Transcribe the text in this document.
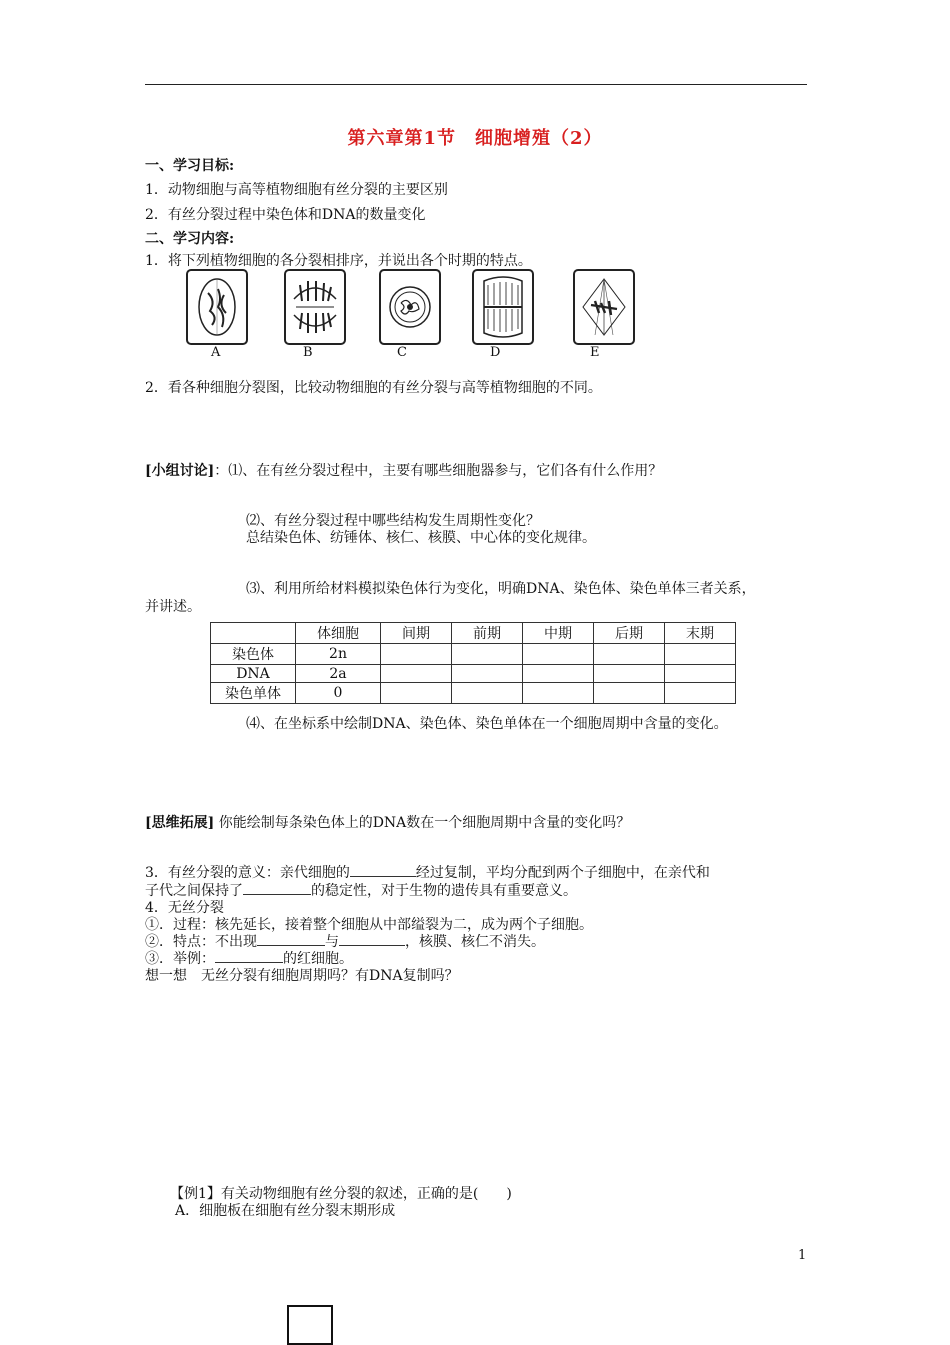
第六章第1节　细胞增殖（2）
一、学习目标:
1．动物细胞与高等植物细胞有丝分裂的主要区别
2．有丝分裂过程中染色体和DNA的数量变化
二、学习内容:
1．将下列植物细胞的各分裂相排序，并说出各个时期的特点。
A	B	C	D	E
2．看各种细胞分裂图，比较动物细胞的有丝分裂与高等植物细胞的不同。
[小组讨论]：⑴、在有丝分裂过程中，主要有哪些细胞器参与，它们各有什么作用？
⑵、有丝分裂过程中哪些结构发生周期性变化？
总结染色体、纺锤体、核仁、核膜、中心体的变化规律。
⑶、利用所给材料模拟染色体行为变化，明确DNA、染色体、染色单体三者关系，
并讲述。
	体细胞	间期	前期	中期	后期	末期
染色体	2n					
DNA	2a					
染色单体	0					
⑷、在坐标系中绘制DNA、染色体、染色单体在一个细胞周期中含量的变化。
[思维拓展] 你能绘制每条染色体上的DNA数在一个细胞周期中含量的变化吗？
3．有丝分裂的意义：亲代细胞的	经过复制，平均分配到两个子细胞中，在亲代和
子代之间保持了	的稳定性，对于生物的遗传具有重要意义。
4．无丝分裂
①．过程：核先延长，接着整个细胞从中部缢裂为二，成为两个子细胞。
②．特点：不出现	与	，核膜、核仁不消失。
③．举例：	的红细胞。
想一想　无丝分裂有细胞周期吗？有DNA复制吗？
【例1】有关动物细胞有丝分裂的叙述，正确的是(　　)
A．细胞板在细胞有丝分裂末期形成
1
